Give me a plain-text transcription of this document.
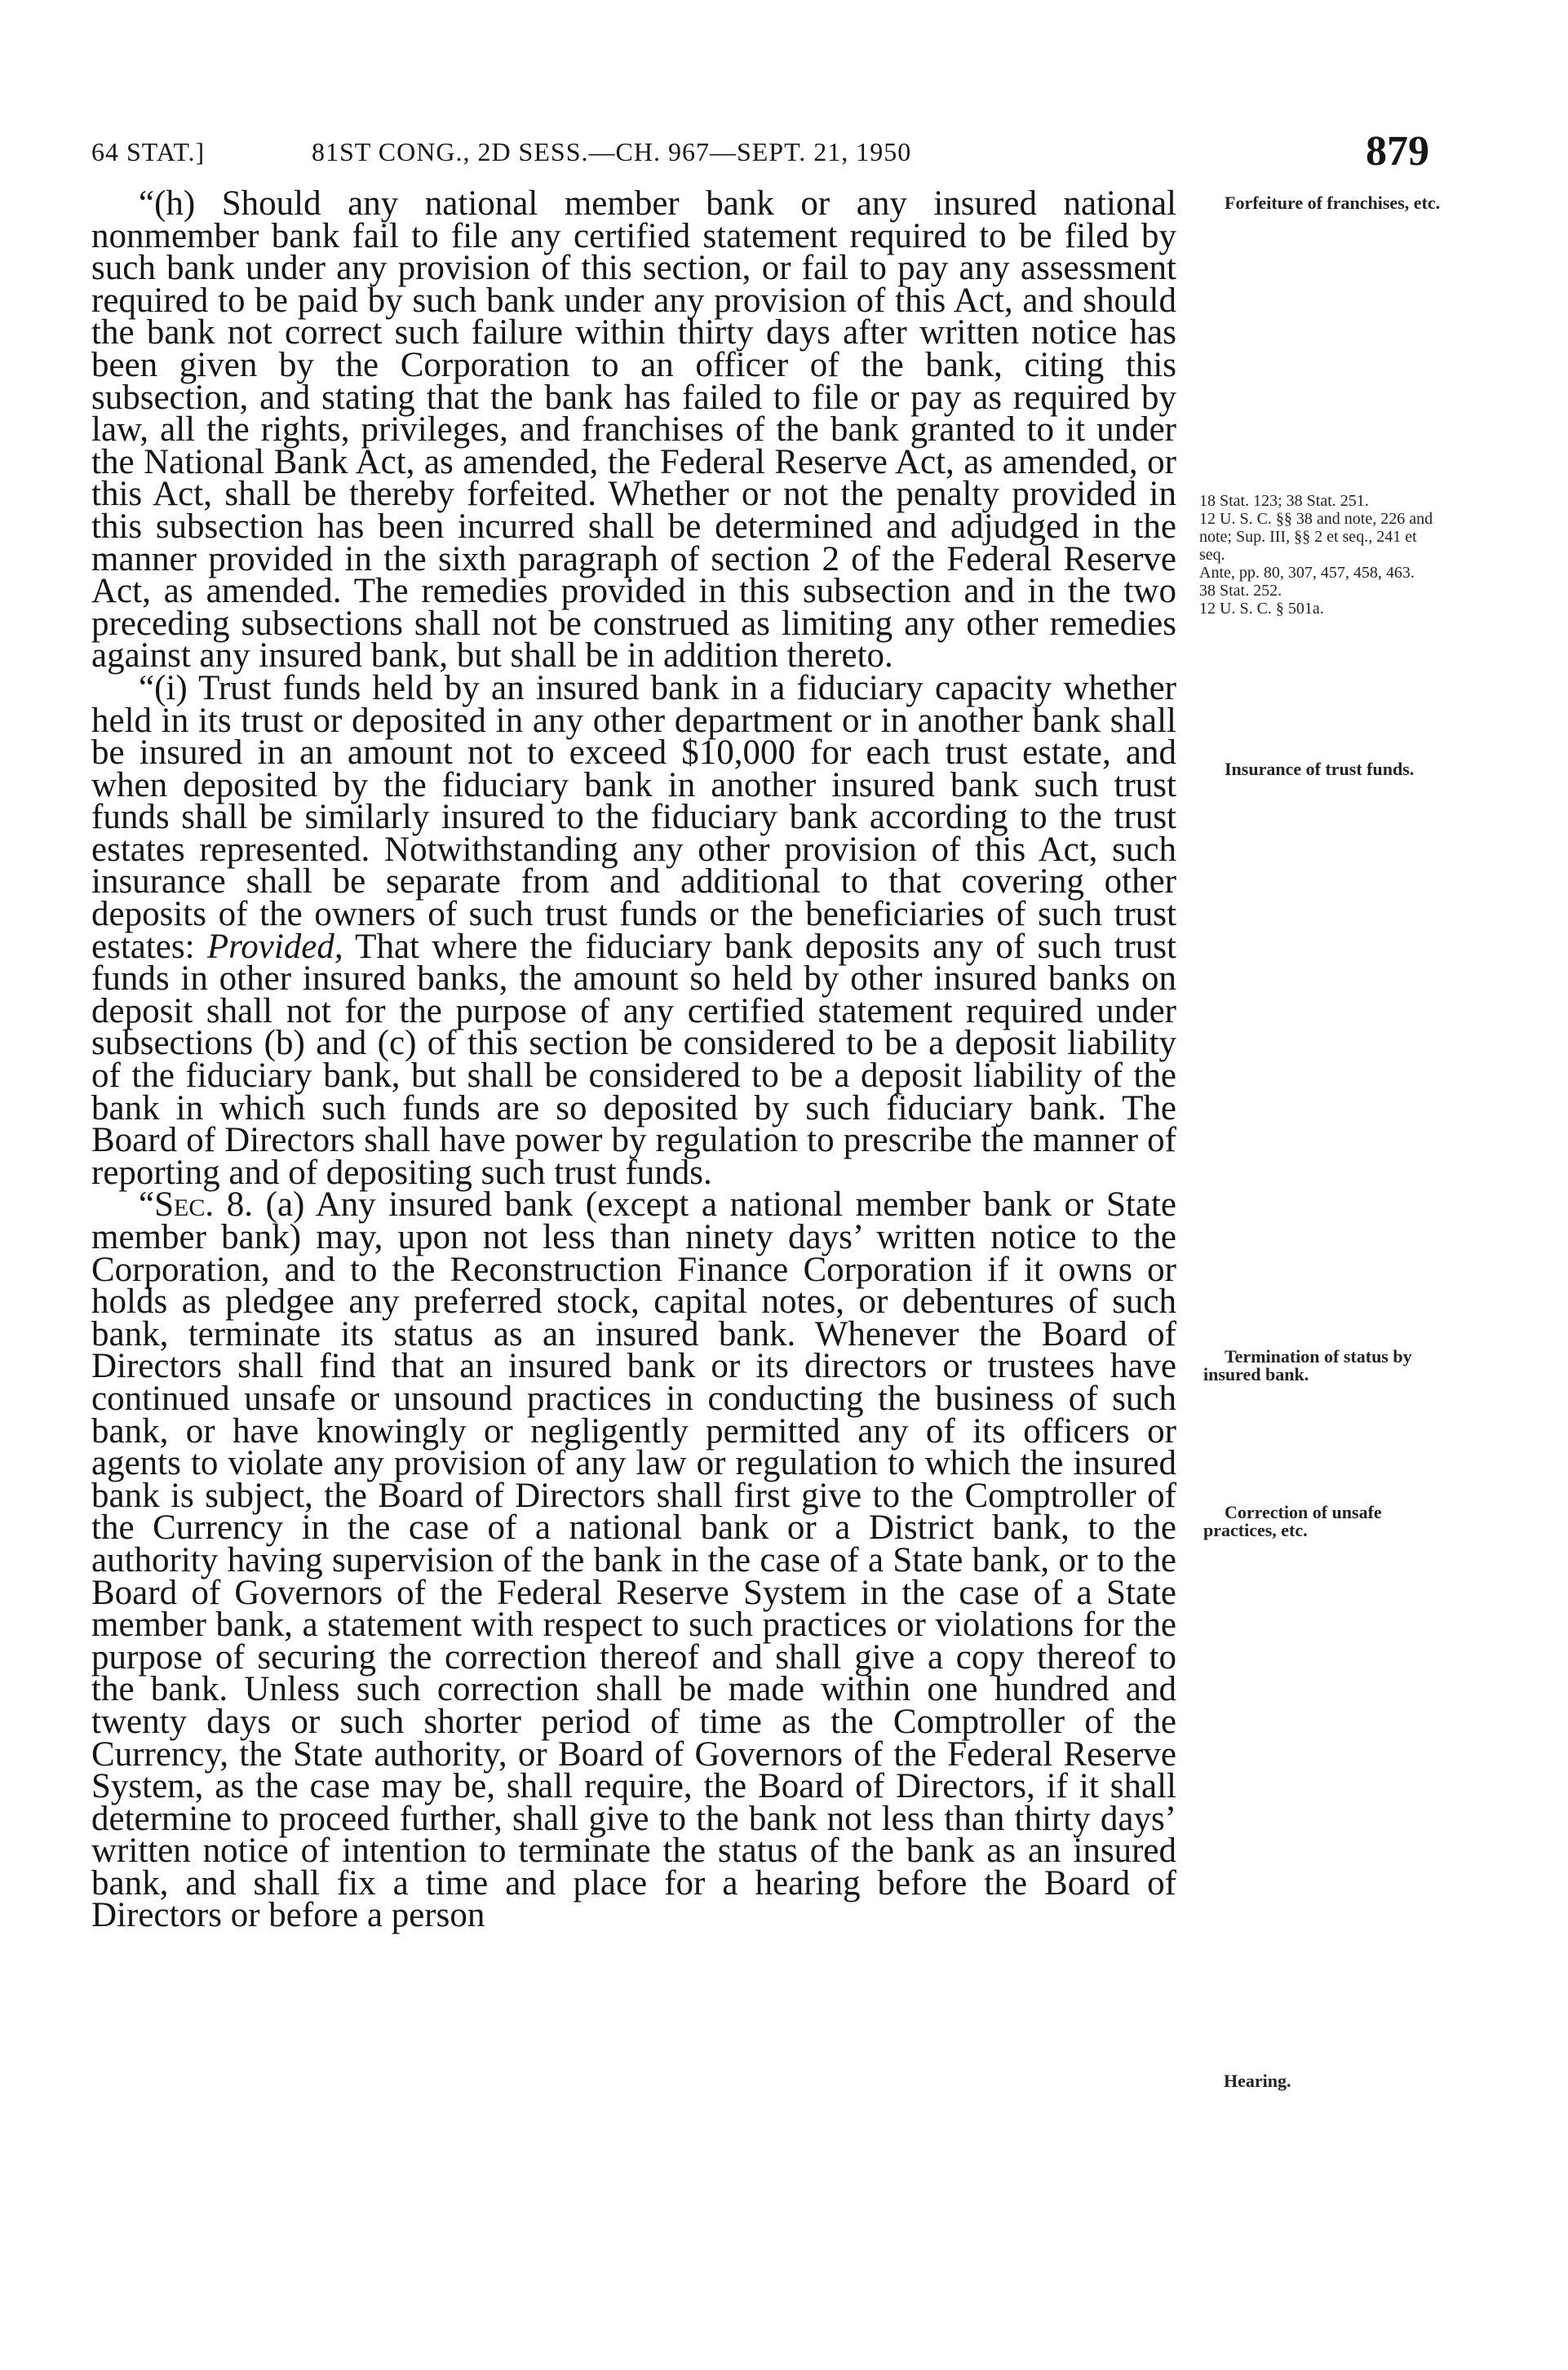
64 STAT.]	81ST CONG., 2D SESS.—CH. 967—SEPT. 21, 1950	879

“(h) Should any national member bank or any insured national nonmember bank fail to file any certified statement required to be filed by such bank under any provision of this section, or fail to pay any assessment required to be paid by such bank under any provision of this Act, and should the bank not correct such failure within thirty days after written notice has been given by the Corporation to an officer of the bank, citing this subsection, and stating that the bank has failed to file or pay as required by law, all the rights, privileges, and franchises of the bank granted to it under the National Bank Act, as amended, the Federal Reserve Act, as amended, or this Act, shall be thereby forfeited. Whether or not the penalty provided in this subsection has been incurred shall be determined and adjudged in the manner provided in the sixth paragraph of section 2 of the Federal Reserve Act, as amended. The remedies provided in this subsection and in the two preceding subsections shall not be construed as limiting any other remedies against any insured bank, but shall be in addition thereto.

“(i) Trust funds held by an insured bank in a fiduciary capacity whether held in its trust or deposited in any other department or in another bank shall be insured in an amount not to exceed $10,000 for each trust estate, and when deposited by the fiduciary bank in another insured bank such trust funds shall be similarly insured to the fiduciary bank according to the trust estates represented. Notwithstanding any other provision of this Act, such insurance shall be separate from and additional to that covering other deposits of the owners of such trust funds or the beneficiaries of such trust estates: Provided, That where the fiduciary bank deposits any of such trust funds in other insured banks, the amount so held by other insured banks on deposit shall not for the purpose of any certified statement required under subsections (b) and (c) of this section be considered to be a deposit liability of the fiduciary bank, but shall be considered to be a deposit liability of the bank in which such funds are so deposited by such fiduciary bank. The Board of Directors shall have power by regulation to prescribe the manner of reporting and of depositing such trust funds.

“Sec. 8. (a) Any insured bank (except a national member bank or State member bank) may, upon not less than ninety days’ written notice to the Corporation, and to the Reconstruction Finance Corporation if it owns or holds as pledgee any preferred stock, capital notes, or debentures of such bank, terminate its status as an insured bank. Whenever the Board of Directors shall find that an insured bank or its directors or trustees have continued unsafe or unsound practices in conducting the business of such bank, or have knowingly or negligently permitted any of its officers or agents to violate any provision of any law or regulation to which the insured bank is subject, the Board of Directors shall first give to the Comptroller of the Currency in the case of a national bank or a District bank, to the authority having supervision of the bank in the case of a State bank, or to the Board of Governors of the Federal Reserve System in the case of a State member bank, a statement with respect to such practices or violations for the purpose of securing the correction thereof and shall give a copy thereof to the bank. Unless such correction shall be made within one hundred and twenty days or such shorter period of time as the Comptroller of the Currency, the State authority, or Board of Governors of the Federal Reserve System, as the case may be, shall require, the Board of Directors, if it shall determine to proceed further, shall give to the bank not less than thirty days’ written notice of intention to terminate the status of the bank as an insured bank, and shall fix a time and place for a hearing before the Board of Directors or before a person

Forfeiture of franchises, etc.
18 Stat. 123; 38 Stat. 251.
12 U. S. C. §§ 38 and note, 226 and note; Sup. III, §§ 2 et seq., 241 et seq.
Ante, pp. 80, 307, 457, 458, 463.
38 Stat. 252.
12 U. S. C. § 501a.
Insurance of trust funds.
Termination of status by insured bank.
Correction of unsafe practices, etc.
Hearing.
